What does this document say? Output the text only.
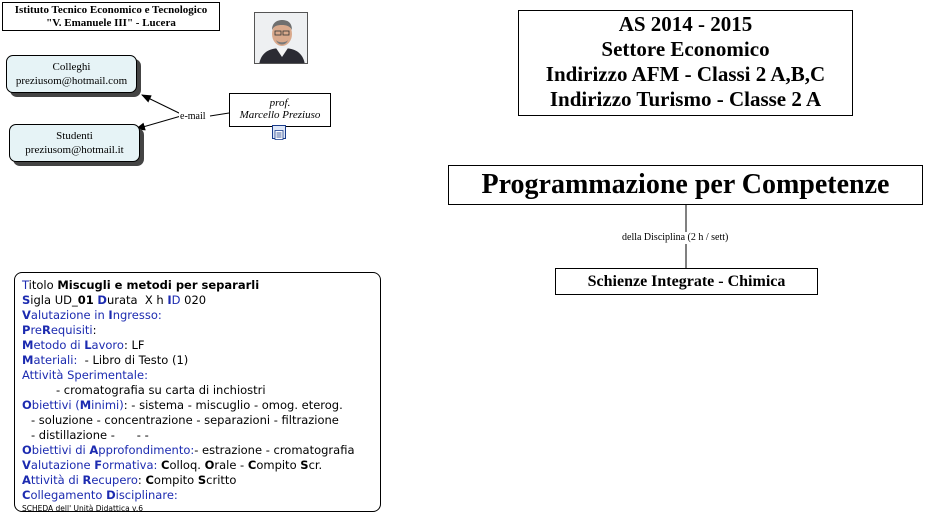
Istituto Tecnico Economico e Tecnologico
"V. Emanuele III" - Lucera
Colleghi
preziusom@hotmail.com
Studenti
preziusom@hotmail.it
e-mail
prof.
Marcello Preziuso
AS 2014 - 2015
Settore Economico
Indirizzo AFM - Classi 2 A,B,C
Indirizzo Turismo - Classe 2 A
Programmazione per Competenze
della Disciplina (2 h / sett)
Schienze Integrate - Chimica
Titolo Miscugli e metodi per separarli
Sigla UD_01 Durata  X h ID 020
Valutazione in Ingresso:
PreRequisiti:
Metodo di Lavoro: LF
Materiali: - Libro di Testo (1)
Attività Sperimentale:
- cromatografia su carta di inchiostri
Obiettivi (Minimi): - sistema - miscuglio - omog. eterog.
- soluzione - concentrazione - separazioni - filtrazione
- distillazione -      - -
Obiettivi di Approfondimento:- estrazione - cromatografia
Valutazione Formativa: Colloq. Orale - Compito Scr.
Attività di Recupero: Compito Scritto
Collegamento Disciplinare:
SCHEDA dell' Unità Didattica v.6
